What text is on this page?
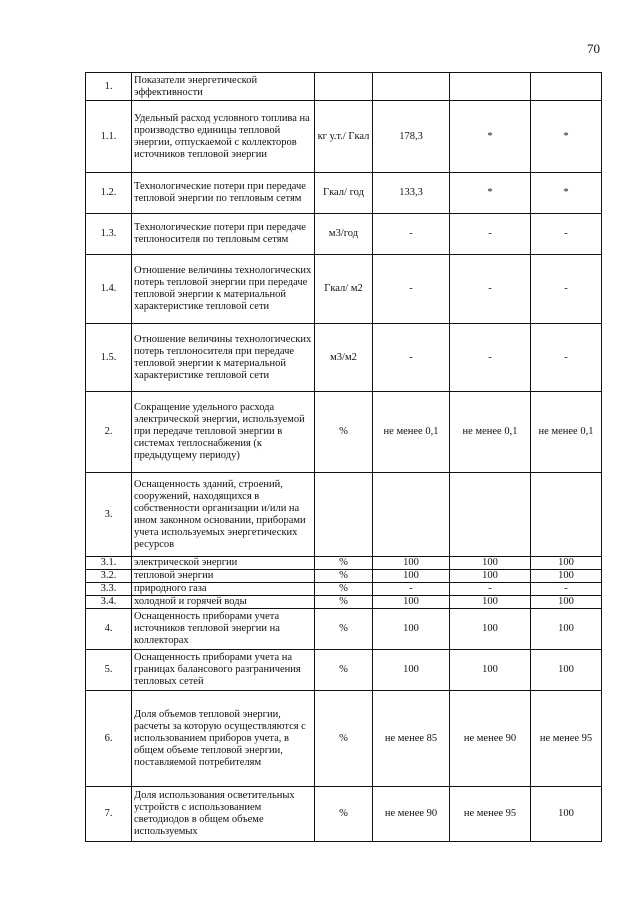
70
1.	Показатели энергетической эффективности				
1.1.	Удельный расход условного топлива на производство единицы тепловой энергии, отпускаемой с коллекторов источников тепловой энергии	кг у.т./ Гкал	178,3	*	*
1.2.	Технологические потери при передаче тепловой энергии по тепловым сетям	Гкал/ год	133,3	*	*
1.3.	Технологические потери при передаче теплоносителя по тепловым сетям	м3/год	-	-	-
1.4.	Отношение величины технологических потерь тепловой энергии при передаче тепловой энергии к материальной характеристике тепловой сети	Гкал/ м2	-	-	-
1.5.	Отношение величины технологических потерь теплоносителя при передаче тепловой энергии к материальной характеристике тепловой сети	м3/м2	-	-	-
2.	Сокращение удельного расхода электрической энергии, используемой при передаче тепловой энергии в системах теплоснабжения (к предыдущему периоду)	%	не менее 0,1	не менее 0,1	не менее 0,1
3.	Оснащенность зданий, строений, сооружений, находящихся в собственности организации и/или на ином законном основании, приборами учета используемых энергетических ресурсов				
3.1.	электрической энергии	%	100	100	100
3.2.	тепловой энергии	%	100	100	100
3.3.	природного газа	%	-	-	-
3.4.	холодной и горячей воды	%	100	100	100
4.	Оснащенность приборами учета источников тепловой энергии на коллекторах	%	100	100	100
5.	Оснащенность приборами учета на границах балансового разграничения тепловых сетей	%	100	100	100
6.	Доля объемов тепловой энергии, расчеты за которую осуществляются с использованием приборов учета, в общем объеме тепловой энергии, поставляемой потребителям	%	не менее 85	не менее 90	не менее 95
7.	Доля использования осветительных устройств с использованием светодиодов в общем объеме используемых	%	не менее 90	не менее 95	100
